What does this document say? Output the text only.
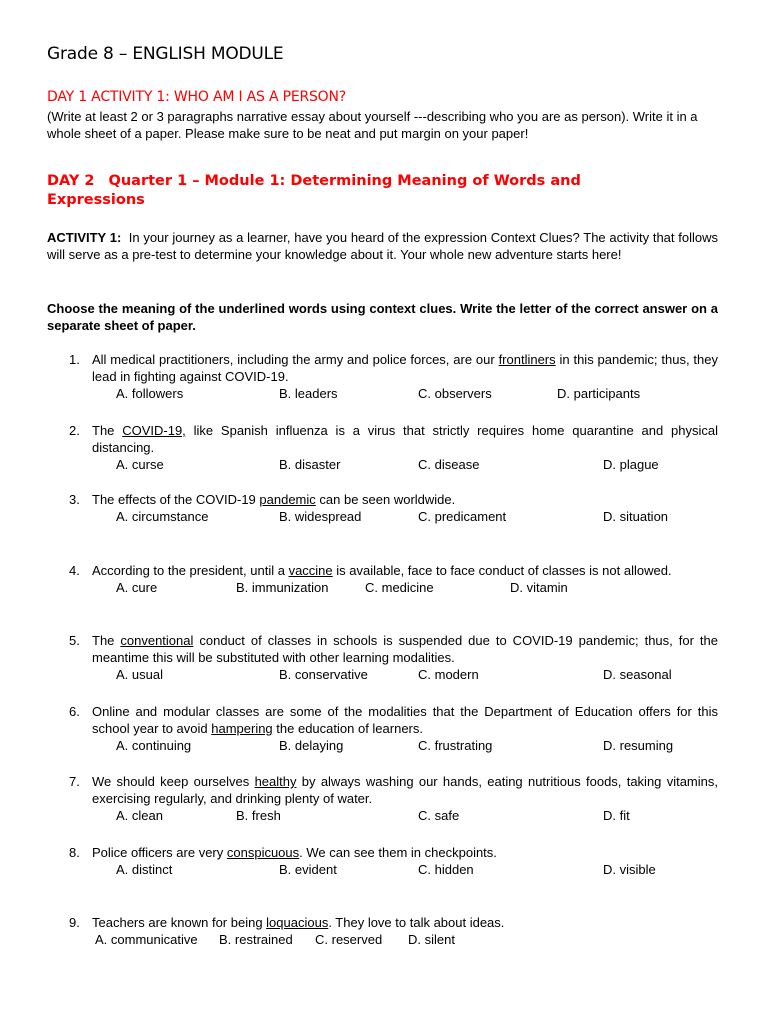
Grade 8 – ENGLISH MODULE
DAY 1 ACTIVITY 1: WHO AM I AS A PERSON?
(Write at least 2 or 3 paragraphs narrative essay about yourself ---describing who you are as person). Write it in a whole sheet of a paper. Please make sure to be neat and put margin on your paper!
DAY 2 Quarter 1 – Module 1: Determining Meaning of Words and Expressions
ACTIVITY 1: In your journey as a learner, have you heard of the expression Context Clues? The activity that follows will serve as a pre-test to determine your knowledge about it. Your whole new adventure starts here!
Choose the meaning of the underlined words using context clues. Write the letter of the correct answer on a separate sheet of paper.
1. All medical practitioners, including the army and police forces, are our frontliners in this pandemic; thus, they lead in fighting against COVID-19.
A. followers	B. leaders	C. observers	D. participants
2. The COVID-19, like Spanish influenza is a virus that strictly requires home quarantine and physical distancing.
A. curse	B. disaster	C. disease	D. plague
3. The effects of the COVID-19 pandemic can be seen worldwide.
A. circumstance	B. widespread	C. predicament	D. situation
4. According to the president, until a vaccine is available, face to face conduct of classes is not allowed.
A. cure	B. immunization	C. medicine	D. vitamin
5. The conventional conduct of classes in schools is suspended due to COVID-19 pandemic; thus, for the meantime this will be substituted with other learning modalities.
A. usual	B. conservative	C. modern	D. seasonal
6. Online and modular classes are some of the modalities that the Department of Education offers for this school year to avoid hampering the education of learners.
A. continuing	B. delaying	C. frustrating	D. resuming
7. We should keep ourselves healthy by always washing our hands, eating nutritious foods, taking vitamins, exercising regularly, and drinking plenty of water.
A. clean	B. fresh	C. safe	D. fit
8. Police officers are very conspicuous. We can see them in checkpoints.
A. distinct	B. evident	C. hidden	D. visible
9. Teachers are known for being loquacious. They love to talk about ideas.
A. communicative B. restrained C. reserved D. silent
